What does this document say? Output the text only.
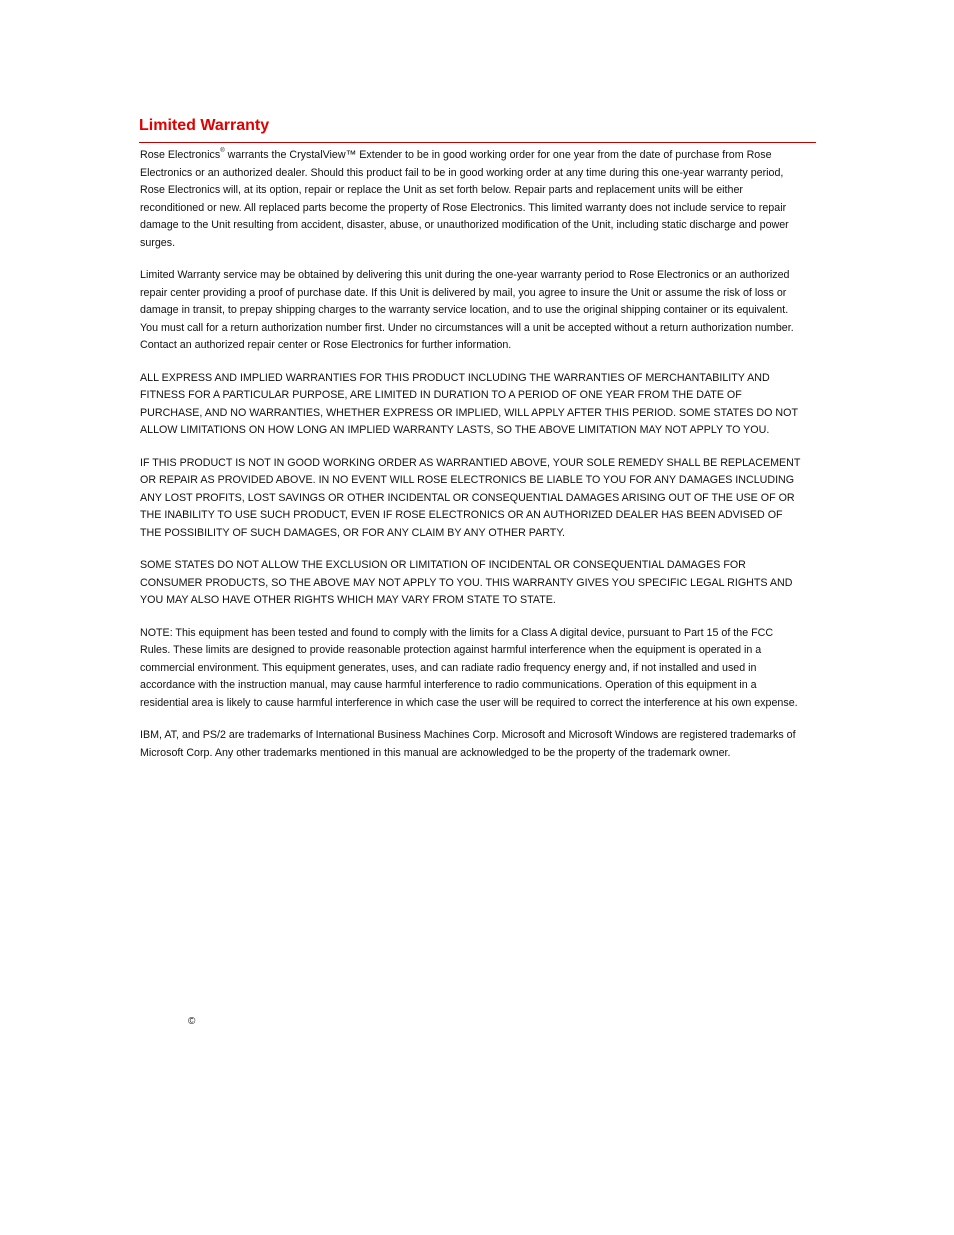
Limited Warranty

Rose Electronics® warrants the CrystalView™ Extender to be in good working order for one year from the date of purchase from Rose Electronics or an authorized dealer. Should this product fail to be in good working order at any time during this one-year warranty period, Rose Electronics will, at its option, repair or replace the Unit as set forth below. Repair parts and replacement units will be either reconditioned or new. All replaced parts become the property of Rose Electronics. This limited warranty does not include service to repair damage to the Unit resulting from accident, disaster, abuse, or unauthorized modification of the Unit, including static discharge and power surges.

Limited Warranty service may be obtained by delivering this unit during the one-year warranty period to Rose Electronics or an authorized repair center providing a proof of purchase date. If this Unit is delivered by mail, you agree to insure the Unit or assume the risk of loss or damage in transit, to prepay shipping charges to the warranty service location, and to use the original shipping container or its equivalent. You must call for a return authorization number first. Under no circumstances will a unit be accepted without a return authorization number. Contact an authorized repair center or Rose Electronics for further information.

ALL EXPRESS AND IMPLIED WARRANTIES FOR THIS PRODUCT INCLUDING THE WARRANTIES OF MERCHANTABILITY AND FITNESS FOR A PARTICULAR PURPOSE, ARE LIMITED IN DURATION TO A PERIOD OF ONE YEAR FROM THE DATE OF PURCHASE, AND NO WARRANTIES, WHETHER EXPRESS OR IMPLIED, WILL APPLY AFTER THIS PERIOD. SOME STATES DO NOT ALLOW LIMITATIONS ON HOW LONG AN IMPLIED WARRANTY LASTS, SO THE ABOVE LIMITATION MAY NOT APPLY TO YOU.

IF THIS PRODUCT IS NOT IN GOOD WORKING ORDER AS WARRANTIED ABOVE, YOUR SOLE REMEDY SHALL BE REPLACEMENT OR REPAIR AS PROVIDED ABOVE. IN NO EVENT WILL ROSE ELECTRONICS BE LIABLE TO YOU FOR ANY DAMAGES INCLUDING ANY LOST PROFITS, LOST SAVINGS OR OTHER INCIDENTAL OR CONSEQUENTIAL DAMAGES ARISING OUT OF THE USE OF OR THE INABILITY TO USE SUCH PRODUCT, EVEN IF ROSE ELECTRONICS OR AN AUTHORIZED DEALER HAS BEEN ADVISED OF THE POSSIBILITY OF SUCH DAMAGES, OR FOR ANY CLAIM BY ANY OTHER PARTY.

SOME STATES DO NOT ALLOW THE EXCLUSION OR LIMITATION OF INCIDENTAL OR CONSEQUENTIAL DAMAGES FOR CONSUMER PRODUCTS, SO THE ABOVE MAY NOT APPLY TO YOU. THIS WARRANTY GIVES YOU SPECIFIC LEGAL RIGHTS AND YOU MAY ALSO HAVE OTHER RIGHTS WHICH MAY VARY FROM STATE TO STATE.

NOTE: This equipment has been tested and found to comply with the limits for a Class A digital device, pursuant to Part 15 of the FCC Rules. These limits are designed to provide reasonable protection against harmful interference when the equipment is operated in a commercial environment. This equipment generates, uses, and can radiate radio frequency energy and, if not installed and used in accordance with the instruction manual, may cause harmful interference to radio communications. Operation of this equipment in a residential area is likely to cause harmful interference in which case the user will be required to correct the interference at his own expense.

IBM, AT, and PS/2 are trademarks of International Business Machines Corp. Microsoft and Microsoft Windows are registered trademarks of Microsoft Corp. Any other trademarks mentioned in this manual are acknowledged to be the property of the trademark owner.

©
